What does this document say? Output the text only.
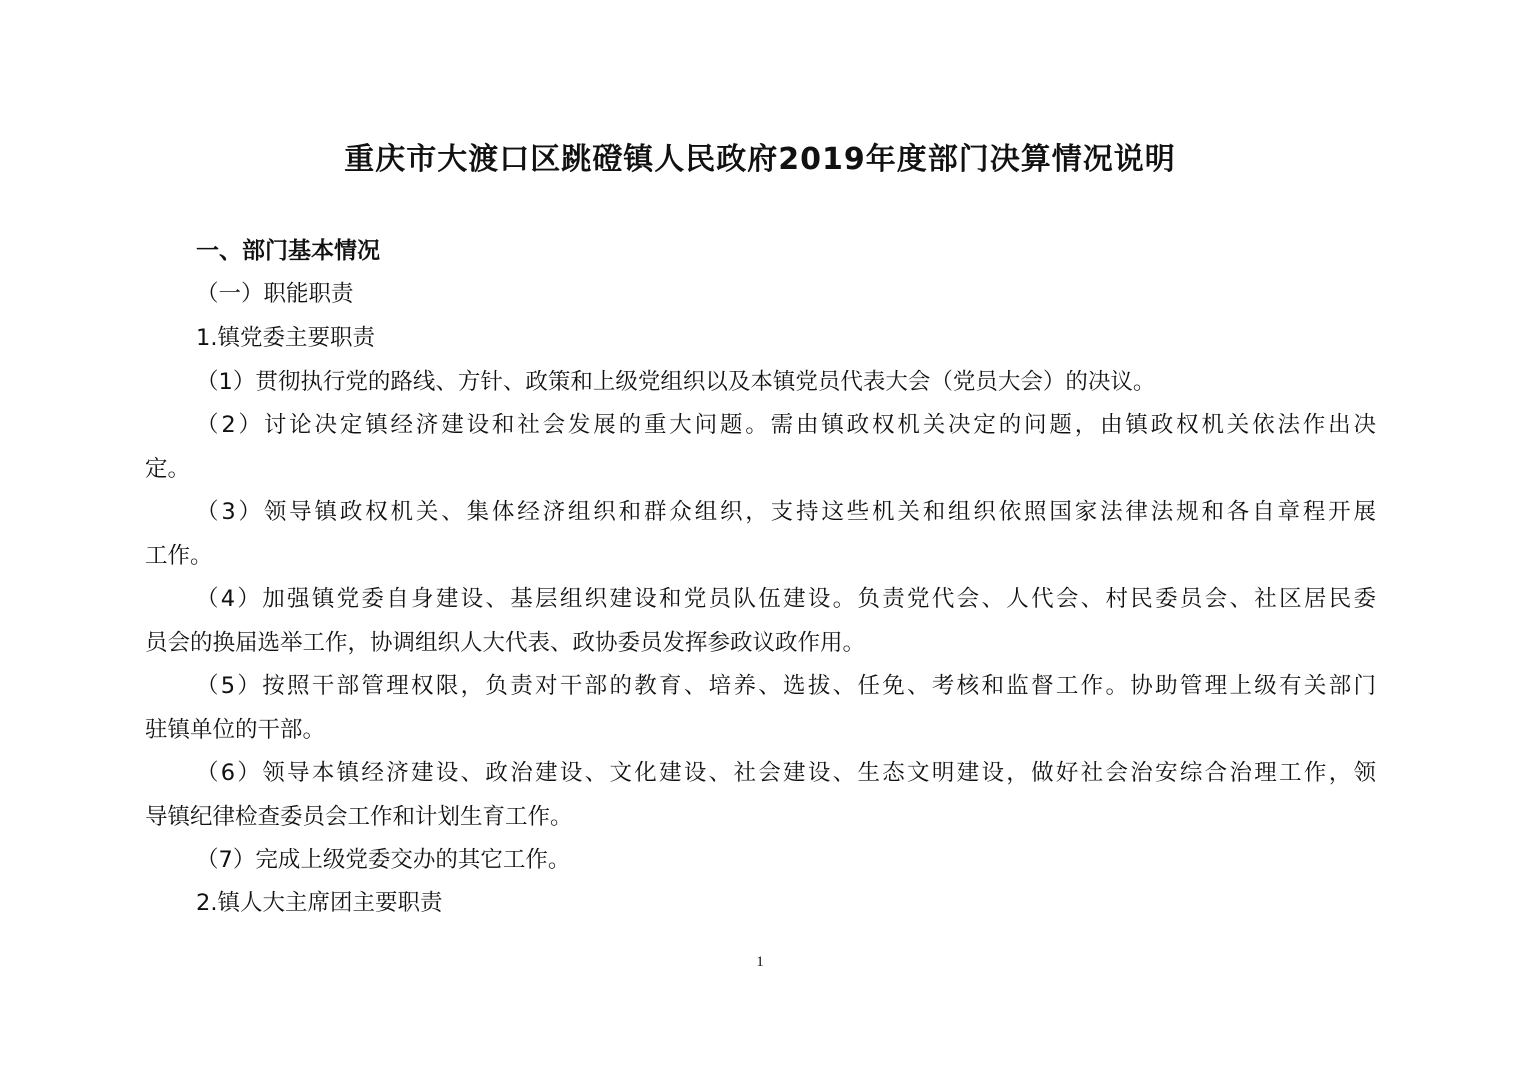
重庆市大渡口区跳磴镇人民政府2019年度部门决算情况说明
一、部门基本情况
（一）职能职责
1.镇党委主要职责
（1）贯彻执行党的路线、方针、政策和上级党组织以及本镇党员代表大会（党员大会）的决议。
（2）讨论决定镇经济建设和社会发展的重大问题。需由镇政权机关决定的问题，由镇政权机关依法作出决
定。
（3）领导镇政权机关、集体经济组织和群众组织，支持这些机关和组织依照国家法律法规和各自章程开展
工作。
（4）加强镇党委自身建设、基层组织建设和党员队伍建设。负责党代会、人代会、村民委员会、社区居民委
员会的换届选举工作，协调组织人大代表、政协委员发挥参政议政作用。
（5）按照干部管理权限，负责对干部的教育、培养、选拔、任免、考核和监督工作。协助管理上级有关部门
驻镇单位的干部。
（6）领导本镇经济建设、政治建设、文化建设、社会建设、生态文明建设，做好社会治安综合治理工作，领
导镇纪律检查委员会工作和计划生育工作。
（7）完成上级党委交办的其它工作。
2.镇人大主席团主要职责
1
